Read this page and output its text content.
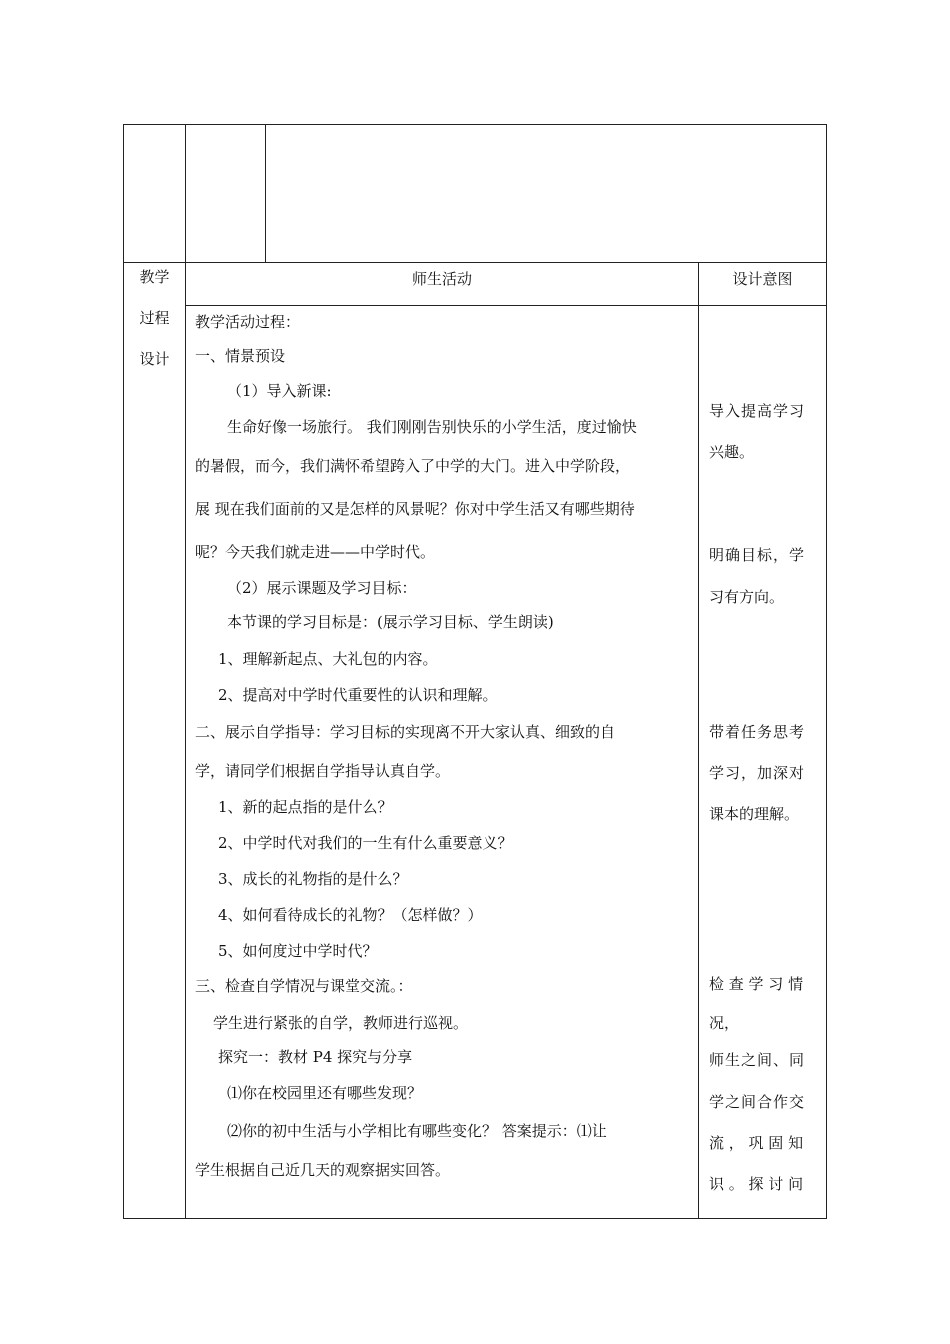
教学
过程
设计
师生活动	设计意图
教学活动过程：
一、情景预设
（1）导入新课:
生命好像一场旅行。 我们刚刚告别快乐的小学生活，度过愉快
的暑假，而今，我们满怀希望跨入了中学的大门。进入中学阶段，
展 现在我们面前的又是怎样的风景呢？你对中学生活又有哪些期待
呢？今天我们就走进——中学时代。
（2）展示课题及学习目标：
本节课的学习目标是：(展示学习目标、学生朗读)
1、理解新起点、大礼包的内容。
2、提高对中学时代重要性的认识和理解。
二、展示自学指导：学习目标的实现离不开大家认真、细致的自
学，请同学们根据自学指导认真自学。
1、新的起点指的是什么？
2、中学时代对我们的一生有什么重要意义？
3、成长的礼物指的是什么？
4、如何看待成长的礼物？（怎样做？）
5、如何度过中学时代？
三、检查自学情况与课堂交流。：
学生进行紧张的自学，教师进行巡视。
探究一：教材 P4 探究与分享
⑴你在校园里还有哪些发现？
⑵你的初中生活与小学相比有哪些变化？ 答案提示：⑴让
学生根据自己近几天的观察据实回答。
导入提高学习
兴趣。
明确目标，学
习有方向。
带着任务思考
学习，加深对
课本的理解。
检 查 学 习 情
况，
师生之间、同
学之间合作交
流 ， 巩 固 知
识 。 探 讨 问
